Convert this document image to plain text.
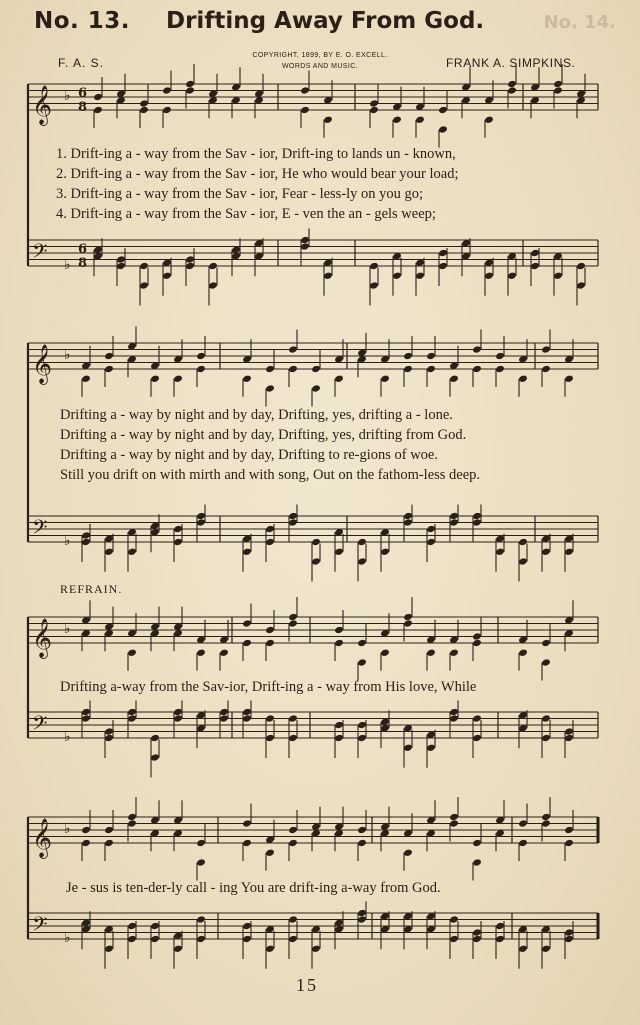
No. 13. Drifting Away From God.	No. 14.
F. A. S.
COPYRIGHT, 1899, BY E. O. EXCELL.
WORDS AND MUSIC.	FRANK A. SIMPKINS.
𝄞 ♭ 6
8
𝄢 ♭
6
8
𝄞 ♭
𝄢 ♭
𝄞 ♭
𝄢 ♭
𝄞 ♭
𝄢 ♭
1. Drift-ing a - way from the Sav - ior, Drift-ing to lands un - known,
2. Drift-ing a - way from the Sav - ior, He who would bear your load;
3. Drift-ing a - way from the Sav - ior, Fear - less-ly on you go;
4. Drift-ing a - way from the Sav - ior, E - ven the an - gels weep;
Drifting a - way by night and by day, Drifting, yes, drifting a - lone.
Drifting a - way by night and by day, Drifting, yes, drifting from God.
Drifting a - way by night and by day, Drifting to re-gions of woe.
Still you drift on with mirth and with song, Out on the fathom-less deep.
REFRAIN.
Drifting a-way from the Sav-ior, Drift-ing a - way from His love, While
Je - sus is ten-der-ly call - ing You are drift-ing a-way from God.
15
